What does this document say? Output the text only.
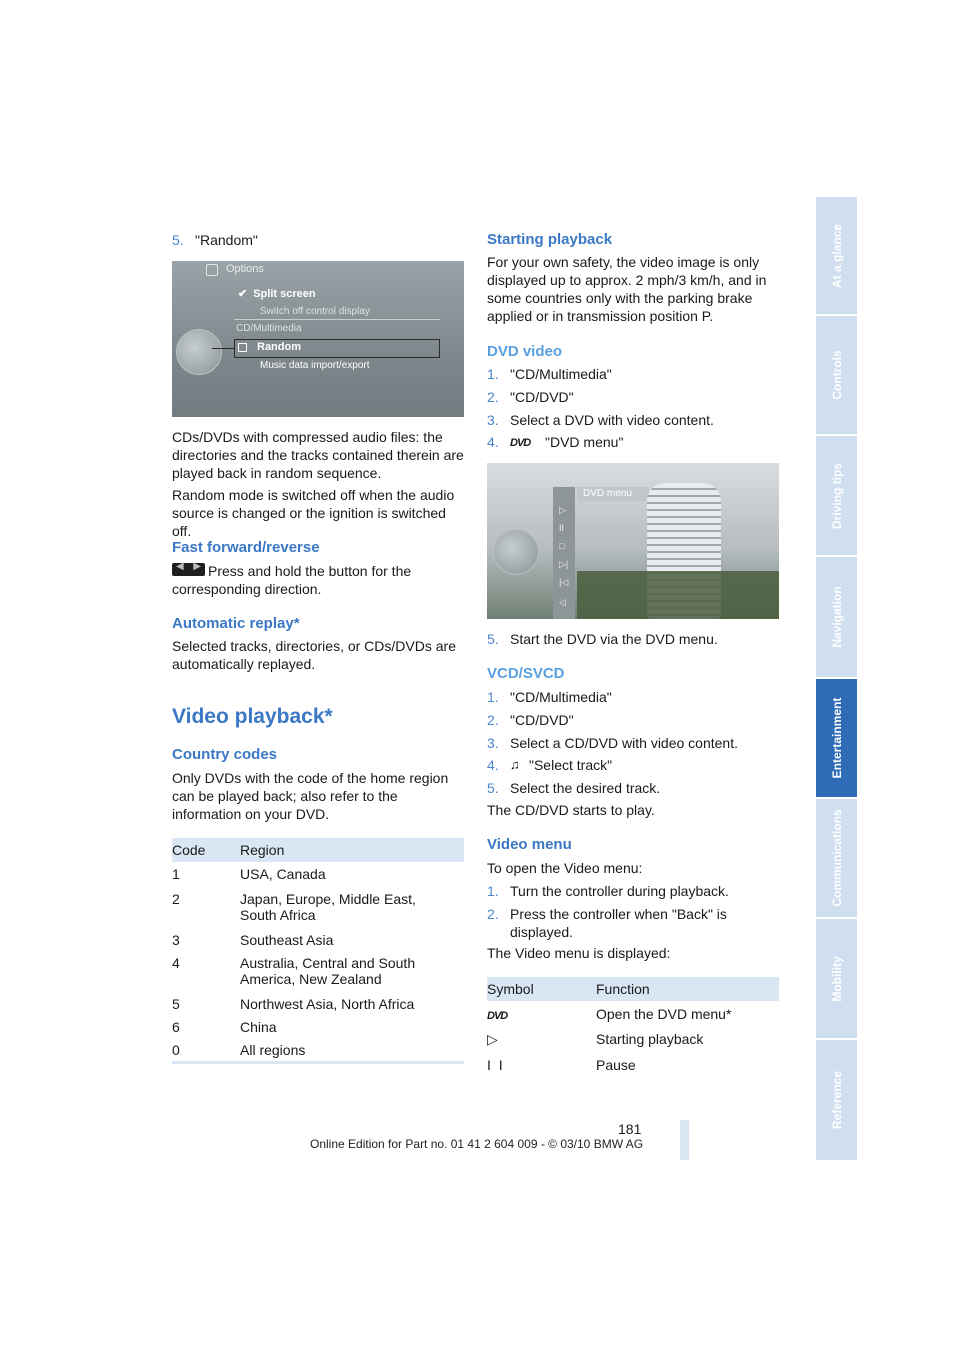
5. "Random"
Options
✔ Split screen
Switch off control display
CD/Multimedia
Random
Music data import/export
CDs/DVDs with compressed audio files: the directories and the tracks contained therein are played back in random sequence.
Random mode is switched off when the audio source is changed or the ignition is switched off.
Fast forward/reverse
◀ ▶ Press and hold the button for the corresponding direction.
Automatic replay*
Selected tracks, directories, or CDs/DVDs are automatically replayed.
Video playback*
Country codes
Only DVDs with the code of the home region can be played back; also refer to the information on your DVD.
Code	Region
1	USA, Canada
2	Japan, Europe, Middle East, South Africa
3	Southeast Asia
4	Australia, Central and South America, New Zealand
5	Northwest Asia, North Africa
6	China
0	All regions
Starting playback
For your own safety, the video image is only displayed up to approx. 2 mph/3 km/h, and in some countries only with the parking brake applied or in transmission position P.
DVD video
1. "CD/Multimedia"
2. "CD/DVD"
3. Select a DVD with video content.
4. DVD "DVD menu"
DVD menu
▷
II
□
▷|
|◁
◁
5. Start the DVD via the DVD menu.
VCD/SVCD
1. "CD/Multimedia"
2. "CD/DVD"
3. Select a CD/DVD with video content.
4. ♫ "Select track"
5. Select the desired track.
The CD/DVD starts to play.
Video menu
To open the Video menu:
1. Turn the controller during playback.
2. Press the controller when "Back" is displayed.
The Video menu is displayed:
Symbol	Function
DVD	Open the DVD menu*
▷	Starting playback
I I	Pause
181
Online Edition for Part no. 01 41 2 604 009 - © 03/10 BMW AG
At a glance
Controls
Driving tips
Navigation
Entertainment
Communications
Mobility
Reference
